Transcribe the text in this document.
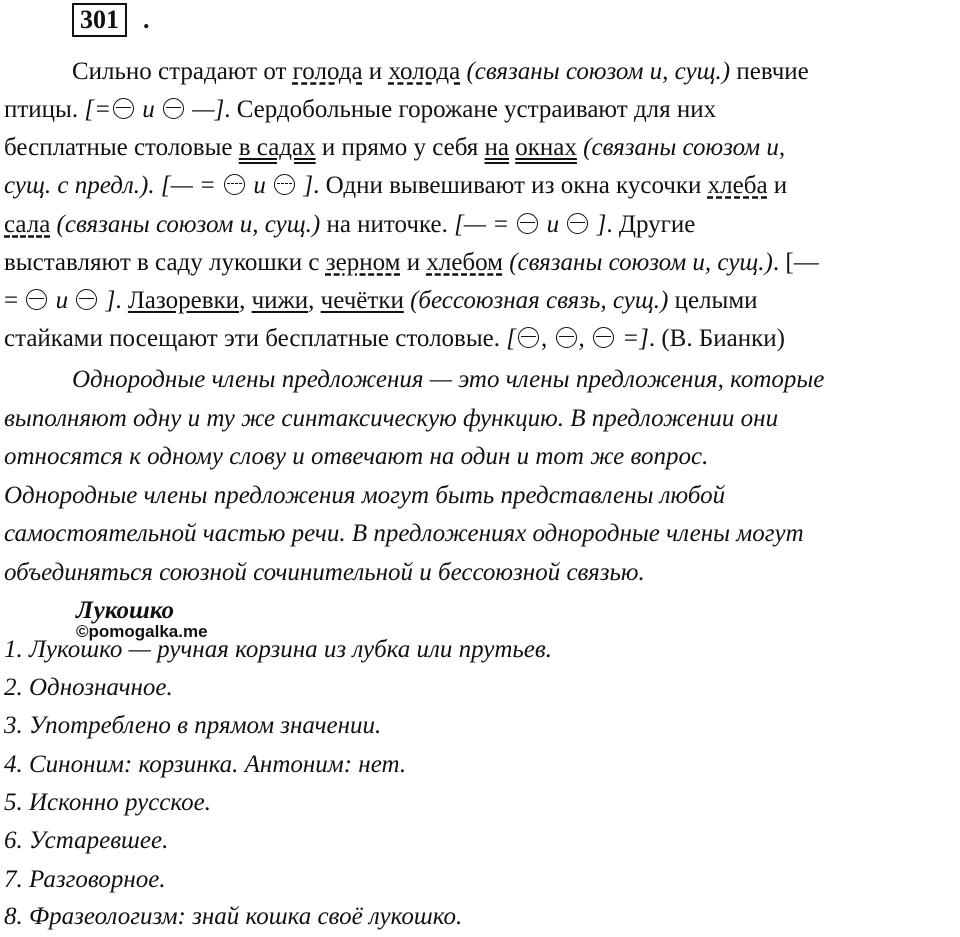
301 .
Сильно страдают от голода и холода (связаны союзом и, сущ.) певчие
птицы. [= и  —]. Сердобольные горожане устраивают для них
бесплатные столовые в садах и прямо у себя на окнах (связаны союзом и,
сущ. с предл.). [— =  и  ]. Одни вывешивают из окна кусочки хлеба и
сала (связаны союзом и, сущ.) на ниточке. [— =  и  ]. Другие
выставляют в саду лукошки с зерном и хлебом (связаны союзом и, сущ.). [—
=  и  ]. Лазоревки, чижи, чечётки (бессоюзная связь, сущ.) целыми
стайками посещают эти бесплатные столовые. [ , ,  =]. (В. Бианки)
Однородные члены предложения — это члены предложения, которые
выполняют одну и ту же синтаксическую функцию. В предложении они
относятся к одному слову и отвечают на один и тот же вопрос.
Однородные члены предложения могут быть представлены любой
самостоятельной частью речи. В предложениях однородные члены могут
объединяться союзной сочинительной и бессоюзной связью.
Лукошко
1. Лукошко — ручная корзина из лубка или прутьев.
2. Однозначное.
3. Употреблено в прямом значении.
4. Синоним: корзинка. Антоним: нет.
5. Исконно русское.
6. Устаревшее.
7. Разговорное.
8. Фразеологизм: знай кошка своё лукошко.
©pomogalka.me
